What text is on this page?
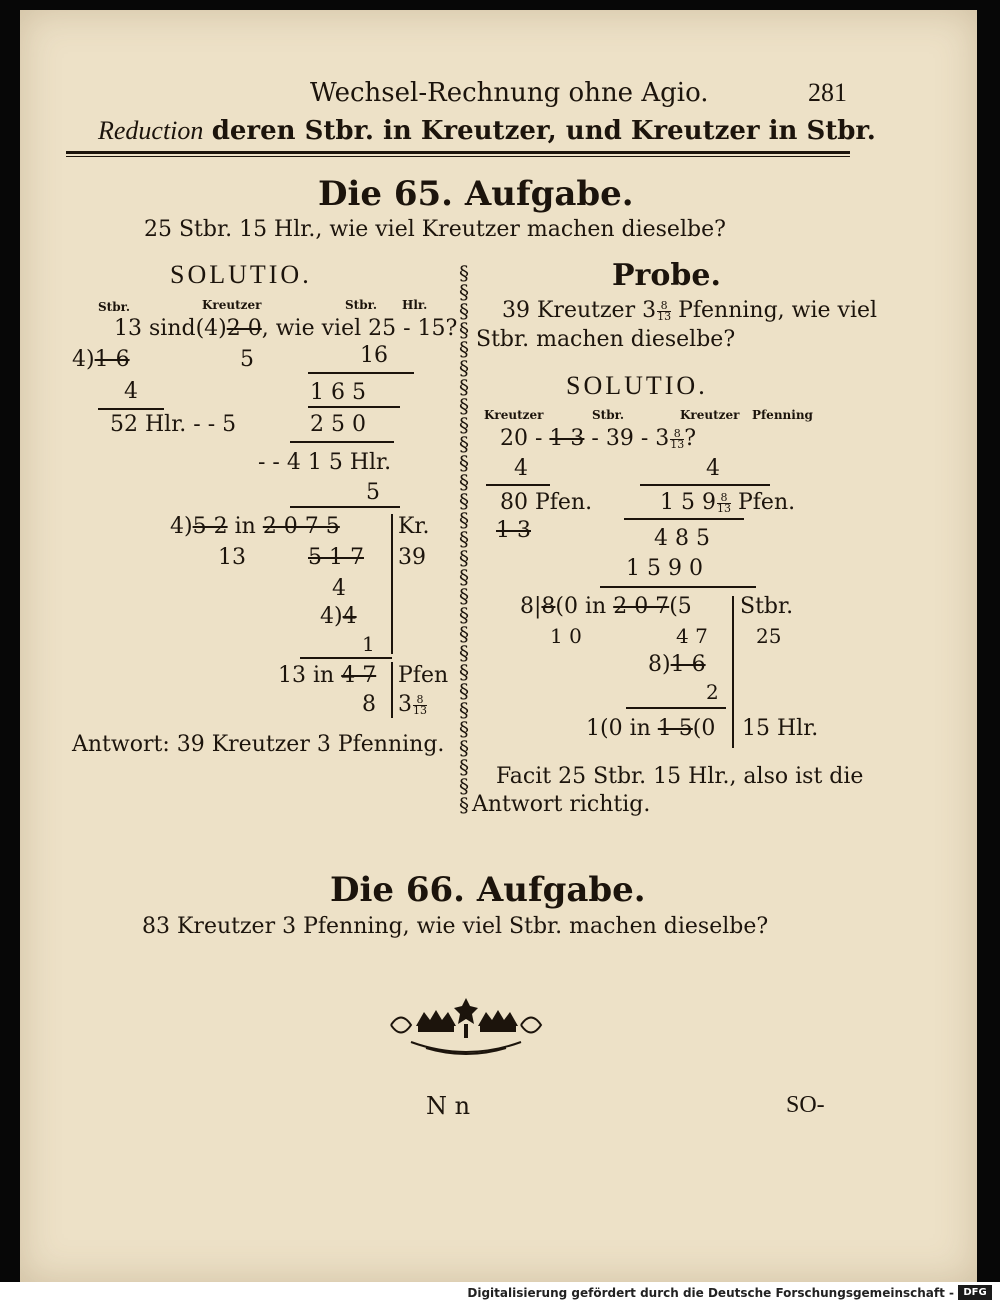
Wechsel-Rechnung ohne Agio.	281
Reduction deren Stbr. in Kreutzer, und Kreutzer in Stbr.
Die 65. Aufgabe.
25 Stbr. 15 Hlr., wie viel Kreutzer machen dieselbe?
SOLUTIO.
Stbr.	Kreutzer	Stbr. Hlr.
13 sind(4)2 0, wie viel 25 - 15?
4)1 6	5	16
4	1 6 5
52 Hlr. - - 5	2 5 0
- - 4 1 5 Hlr.
5
4)5 2 in 2 0 7 5	Kr.
13	5 1 7 39
4
4)4
1
13 in 4 7 Pfen
8 $3 \frac{8}{13}$
Antwort: 39 Kreutzer 3 Pfenning.
§
§
§
§
§
§
§
§
§
§
§
§
§
§
§
§
§
§
§
§
§
§
§
§
§
§
§
§
§
Probe.
39 Kreutzer $3 \frac{8}{13}$ Pfenning, wie viel
Stbr. machen dieselbe?
SOLUTIO.
Kreutzer	Stbr.	Kreutzer Pfenning
20 - 1 $3 - 39 - 3 \frac{8}{13}$ ?
4	4
80 Pfen.	1 5 $9 \frac{8}{13}$ Pfen.
1 3	4 8 5
1 5 9 0
8|8(0 in 2 0 7(5 Stbr.
1 0	4 7 25
8)1 6
2
1(0 in 1 5(0 15 Hlr.
Facit 25 Stbr. 15 Hlr., also ist die
Antwort richtig.
Die 66. Aufgabe.
83 Kreutzer 3 Pfenning, wie viel Stbr. machen dieselbe?
N n	SO-
Digitalisierung gefördert durch die Deutsche Forschungsgemeinschaft - DFG
